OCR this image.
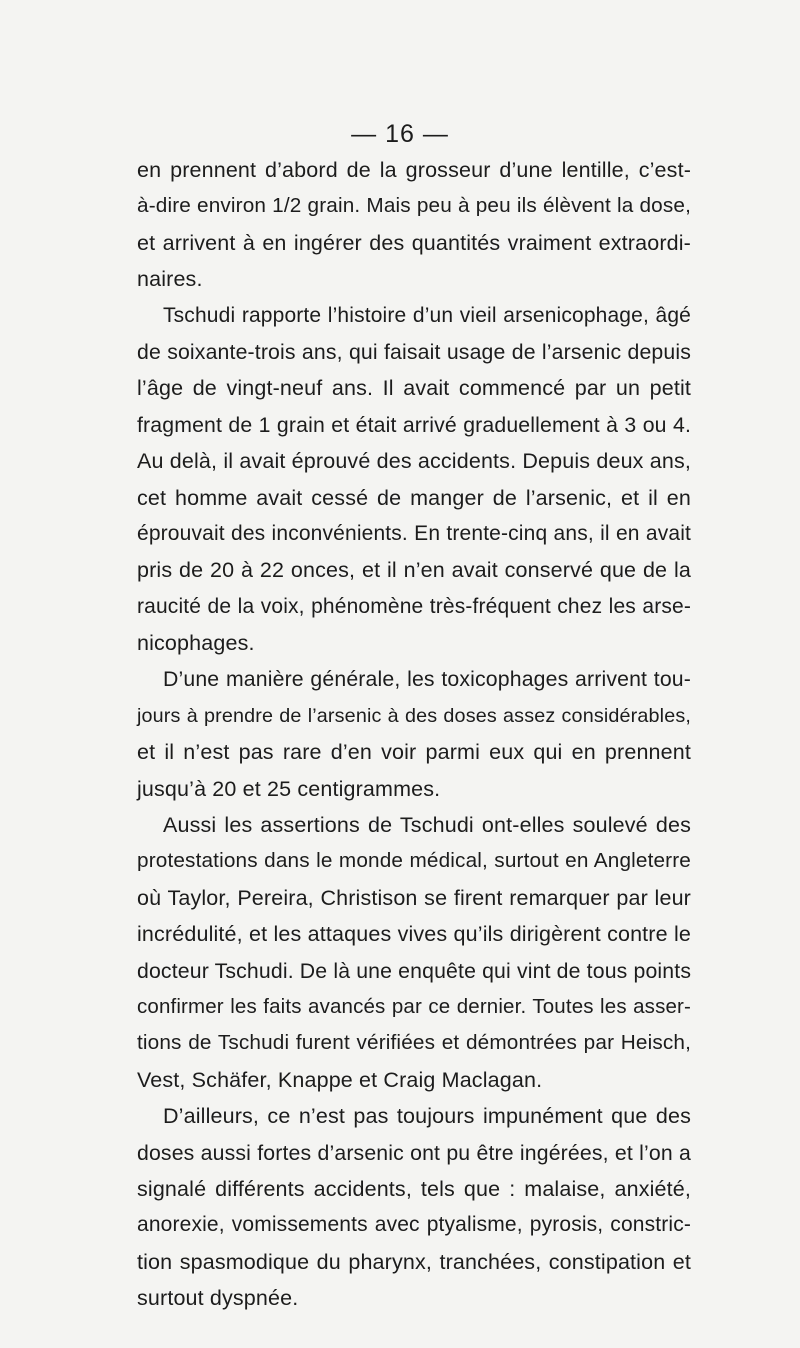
— 16 —
en prennent d’abord de la grosseur d’une lentille, c’est-
à-dire environ 1/2 grain. Mais peu à peu ils élèvent la dose,
et arrivent à en ingérer des quantités vraiment extraordi-
naires.
Tschudi rapporte l’histoire d’un vieil arsenicophage, âgé
de soixante-trois ans, qui faisait usage de l’arsenic depuis
l’âge de vingt-neuf ans. Il avait commencé par un petit
fragment de 1 grain et était arrivé graduellement à 3 ou 4.
Au delà, il avait éprouvé des accidents. Depuis deux ans,
cet homme avait cessé de manger de l’arsenic, et il en
éprouvait des inconvénients. En trente-cinq ans, il en avait
pris de 20 à 22 onces, et il n’en avait conservé que de la
raucité de la voix, phénomène très-fréquent chez les arse-
nicophages.
D’une manière générale, les toxicophages arrivent tou-
jours à prendre de l’arsenic à des doses assez considérables,
et il n’est pas rare d’en voir parmi eux qui en prennent
jusqu’à 20 et 25 centigrammes.
Aussi les assertions de Tschudi ont-elles soulevé des
protestations dans le monde médical, surtout en Angleterre
où Taylor, Pereira, Christison se firent remarquer par leur
incrédulité, et les attaques vives qu’ils dirigèrent contre le
docteur Tschudi. De là une enquête qui vint de tous points
confirmer les faits avancés par ce dernier. Toutes les asser-
tions de Tschudi furent vérifiées et démontrées par Heisch,
Vest, Schäfer, Knappe et Craig Maclagan.
D’ailleurs, ce n’est pas toujours impunément que des
doses aussi fortes d’arsenic ont pu être ingérées, et l’on a
signalé différents accidents, tels que : malaise, anxiété,
anorexie, vomissements avec ptyalisme, pyrosis, constric-
tion spasmodique du pharynx, tranchées, constipation et
surtout dyspnée.
